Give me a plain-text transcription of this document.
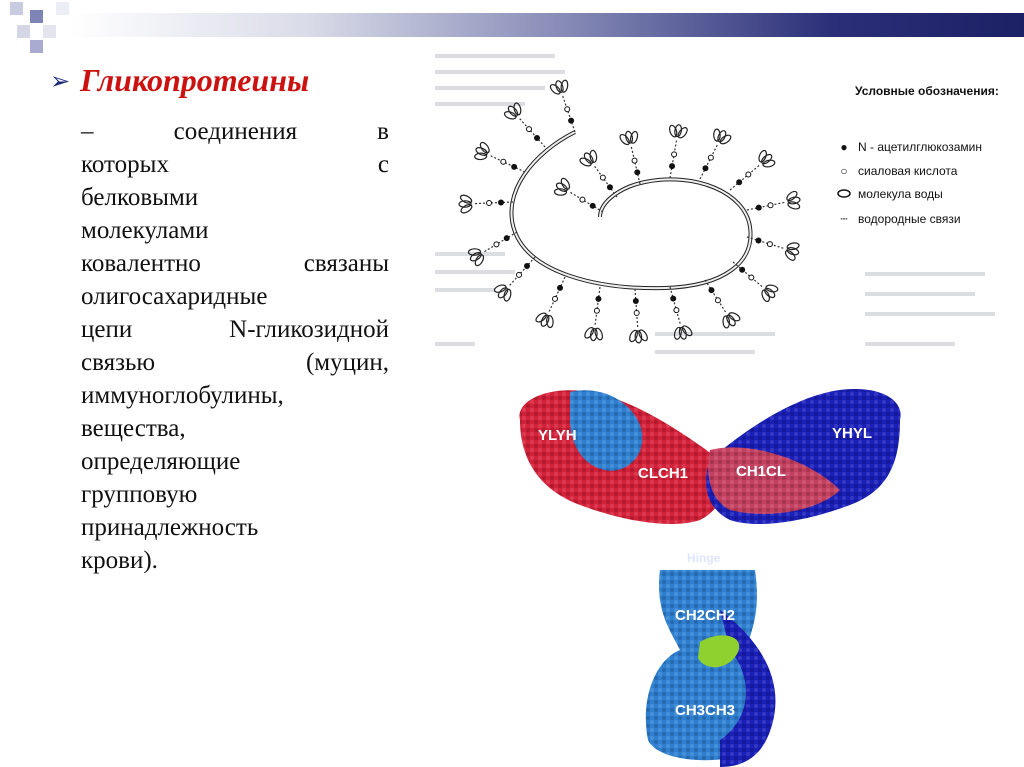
➢ Гликопротеины
– соединения в
которых с
белковыми
молекулами
ковалентно связаны
олигосахаридные
цепи N-гликозидной
связью (муцин,
иммуноглобулины,
вещества,
определяющие
групповую
принадлежность
крови).
Условные обозначения:
● N - ацетилглюкозамин
○ сиаловая кислота
молекула воды
┄ водородные связи
YLYH
CLCH1	CH1CL
YHYL
Hinge
CH2CH2
CH3CH3
